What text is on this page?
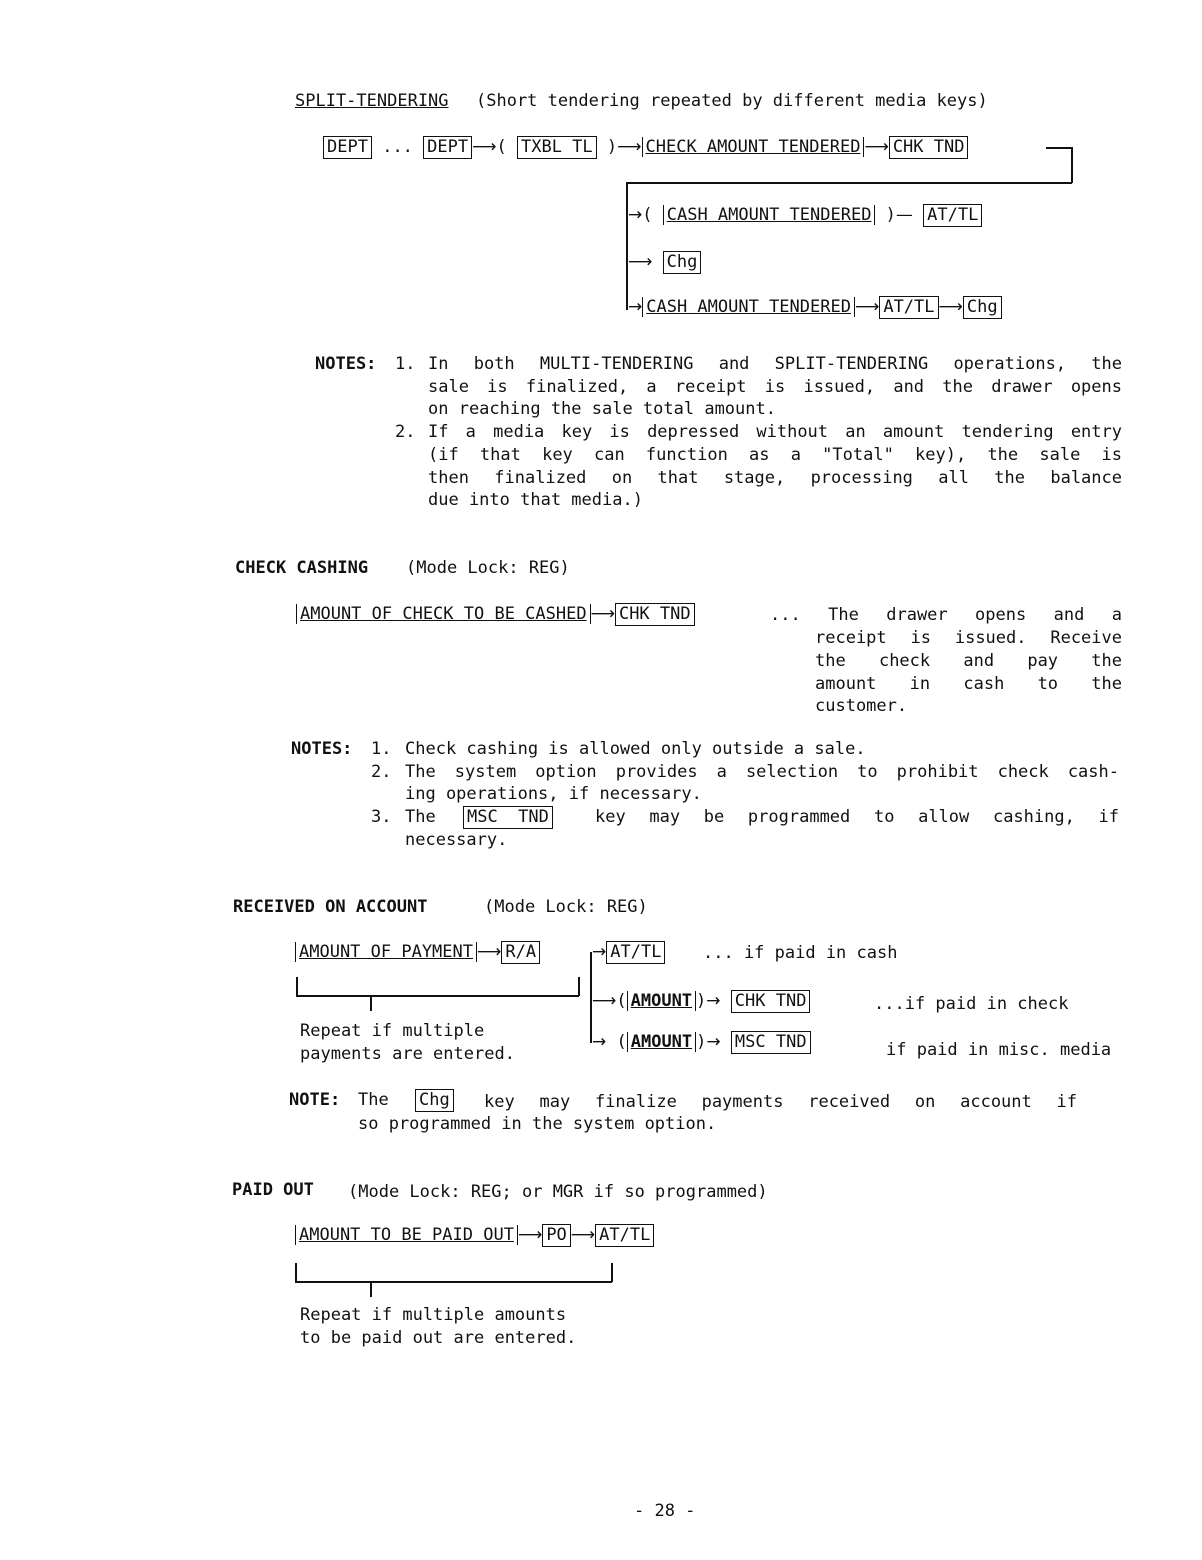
SPLIT-TENDERING (Short tendering repeated by different media keys)
DEPT ... DEPT ⟶( TXBL TL )⟶ CHECK AMOUNT TENDERED ⟶ CHK TND
→( CASH AMOUNT TENDERED )— AT/TL
⟶ Chg
→ CASH AMOUNT TENDERED ⟶ AT/TL ⟶ Chg
NOTES: 1. In both MULTI-TENDERING and SPLIT-TENDERING operations, the
sale is finalized, a receipt is issued, and the drawer opens
on reaching the sale total amount.
2. If a media key is depressed without an amount tendering entry
(if that key can function as a "Total" key), the sale is
then finalized on that stage, processing all the balance
due into that media.)
CHECK CASHING (Mode Lock: REG)
AMOUNT OF CHECK TO BE CASHED ⟶ CHK TND	... The drawer opens and a
receipt is issued. Receive
the check and pay the
amount in cash to the
customer.
NOTES: 1. Check cashing is allowed only outside a sale.
2. The system option provides a selection to prohibit check cash-
ing operations, if necessary.
3. The MSC  TND	key may be programmed to allow cashing, if
necessary.
RECEIVED ON ACCOUNT	(Mode Lock: REG)
AMOUNT OF PAYMENT ⟶ R/A	→ AT/TL ... if paid in cash
⟶( AMOUNT )→ CHK TND	...if paid in check
→ ( AMOUNT )→ MSC TND	if paid in misc. media
Repeat if multiple
payments are entered.
NOTE: The Chg key may finalize payments received on account if
so programmed in the system option.
PAID OUT (Mode Lock: REG; or MGR if so programmed)
AMOUNT TO BE PAID OUT ⟶ PO ⟶ AT/TL
Repeat if multiple amounts
to be paid out are entered.
- 28 -
